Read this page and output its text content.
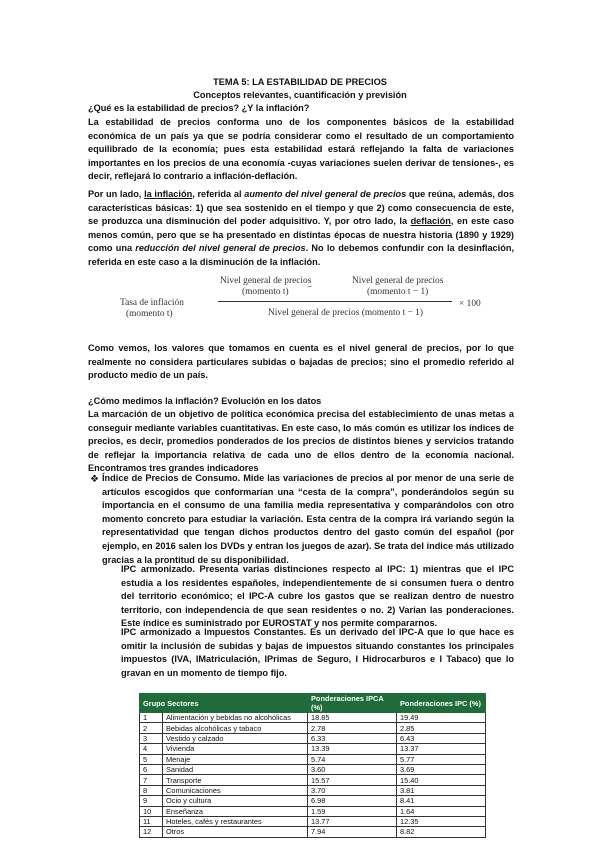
TEMA 5: LA ESTABILIDAD DE PRECIOS
Conceptos relevantes, cuantificación y previsión
¿Qué es la estabilidad de precios? ¿Y la inflación?

La estabilidad de precios conforma uno de los componentes básicos de la estabilidad económica de un país ya que se podría considerar como el resultado de un comportamiento equilibrado de la economía; pues esta estabilidad estará reflejando la falta de variaciones importantes en los precios de una economía -cuyas variaciones suelen derivar de tensiones-, es decir, reflejará lo contrario a inflación-deflación.

Por un lado, la inflación, referida al aumento del nivel general de precios que reúna, además, dos características básicas: 1) que sea sostenido en el tiempo y que 2) como consecuencia de este, se produzca una disminución del poder adquisitivo. Y, por otro lado, la deflación, en este caso menos común, pero que se ha presentado en distintas épocas de nuestra historia (1890 y 1929) como una reducción del nivel general de precios. No lo debemos confundir con la desinflación, referida en este caso a la disminución de la inflación.

Nivel general de precios
(momento t) −
Nivel general de precios
(momento t − 1)
Tasa de inflación
(momento t)	Nivel general de precios (momento t − 1)
× 100

Como vemos, los valores que tomamos en cuenta es el nivel general de precios, por lo que realmente no considera particulares subidas o bajadas de precios; sino el promedio referido al producto medio de un país.

¿Cómo medimos la inflación? Evolución en los datos

La marcación de un objetivo de política económica precisa del establecimiento de unas metas a conseguir mediante variables cuantitativas. En este caso, lo más común es utilizar los índices de precios, es decir, promedios ponderados de los precios de distintos bienes y servicios tratando de reflejar la importancia relativa de cada uno de ellos dentro de la economía nacional. Encontramos tres grandes indicadores

❖ Índice de Precios de Consumo. Mide las variaciones de precios al por menor de una serie de artículos escogidos que conformarían una “cesta de la compra”, ponderándolos según su importancia en el consumo de una familia media representativa y comparándolos con otro momento concreto para estudiar la variación. Esta centra de la compra irá variando según la representatividad que tengan dichos productos dentro del gasto común del español (por ejemplo, en 2016 salen los DVDs y entran los juegos de azar). Se trata del índice más utilizado gracias a la prontitud de su disponibilidad.

IPC armonizado. Presenta varias distinciones respecto al IPC: 1) mientras que el IPC estudia a los residentes españoles, independientemente de si consumen fuera o dentro del territorio económico; el IPC-A cubre los gastos que se realizan dentro de nuestro territorio, con independencia de que sean residentes o no. 2) Varían las ponderaciones. Este índice es suministrado por EUROSTAT y nos permite compararnos.

IPC armonizado a Impuestos Constantes. Es un derivado del IPC-A que lo que hace es omitir la inclusión de subidas y bajas de impuestos situando constantes los principales impuestos (IVA, IMatriculación, IPrimas de Seguro, I Hidrocarburos e I Tabaco) que lo gravan en un momento de tiempo fijo.

Grupo Sectores		Ponderaciones IPCA (%)	Ponderaciones IPC (%)
1	Alimentación y bebidas no alcohólicas	18.85	19.49
2	Bebidas alcohólicas y tabaco	2.78	2.85
3	Vestido y calzado	6.33	6.43
4	Vivienda	13.39	13.37
5	Menaje	5.74	5.77
6	Sanidad	3.60	3.69
7	Transporte	15.57	15.40
8	Comunicaciones	3.70	3.81
9	Ocio y cultura	6.98	8.41
10	Enseñanza	1.59	1.64
11	Hoteles, cafés y restaurantes	13.77	12.35
12	Otros	7.94	8.82
